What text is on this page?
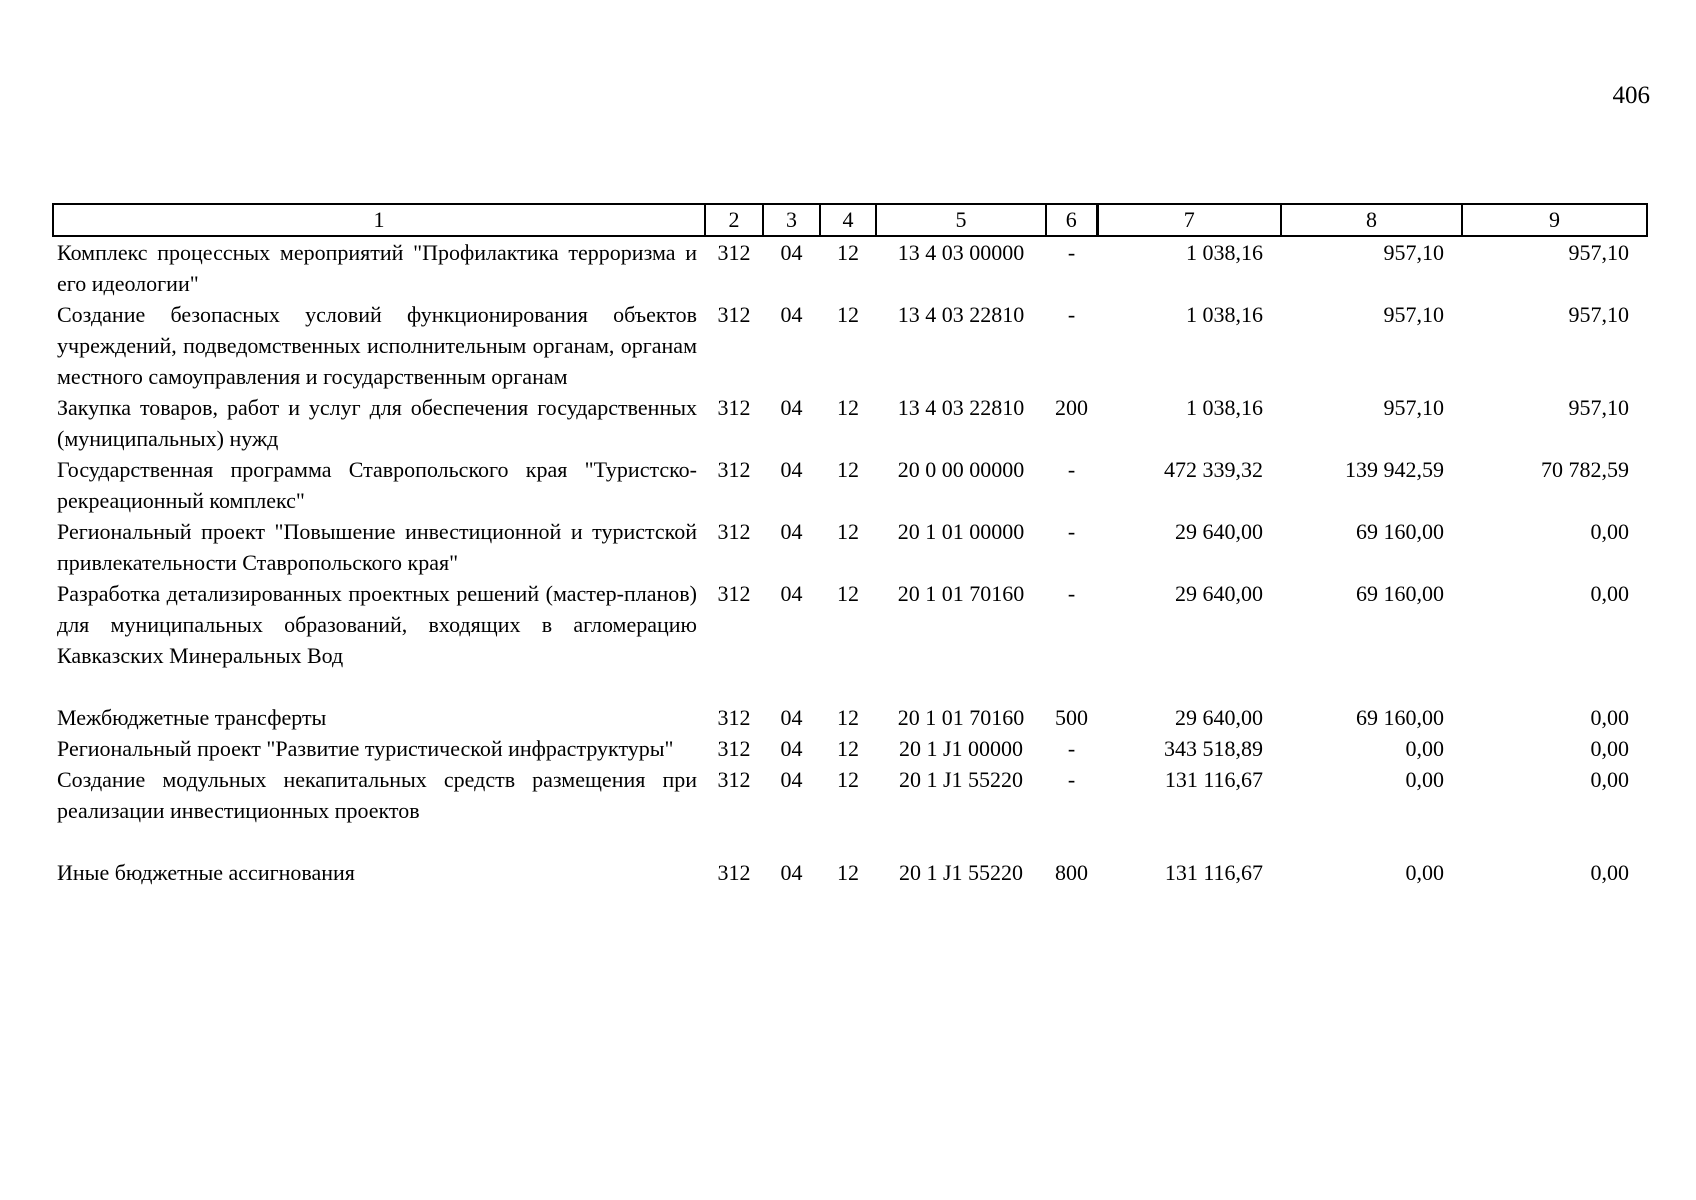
406
1	2	3	4	5	6	7	8	9
Комплекс процессных мероприятий "Профилактика терроризма и его идеологии"	312	04	12	13 4 03 00000	-	1 038,16	957,10	957,10
Создание безопасных условий функционирования объектов учреждений, подведомственных исполнительным органам, органам местного самоуправления и государственным органам	312	04	12	13 4 03 22810	-	1 038,16	957,10	957,10
Закупка товаров, работ и услуг для обеспечения государственных (муниципальных) нужд	312	04	12	13 4 03 22810	200	1 038,16	957,10	957,10
Государственная программа Ставропольского края "Туристско-рекреационный комплекс"	312	04	12	20 0 00 00000	-	472 339,32	139 942,59	70 782,59
Региональный проект "Повышение инвестиционной и туристской привлекательности Ставропольского края"	312	04	12	20 1 01 00000	-	29 640,00	69 160,00	0,00
Разработка детализированных проектных решений (мастер-планов) для муниципальных образований, входящих в агломерацию Кавказских Минеральных Вод	312	04	12	20 1 01 70160	-	29 640,00	69 160,00	0,00
Межбюджетные трансферты	312	04	12	20 1 01 70160	500	29 640,00	69 160,00	0,00
Региональный проект "Развитие туристической инфраструктуры"	312	04	12	20 1 J1 00000	-	343 518,89	0,00	0,00
Создание модульных некапитальных средств размещения при реализации инвестиционных проектов	312	04	12	20 1 J1 55220	-	131 116,67	0,00	0,00
Иные бюджетные ассигнования	312	04	12	20 1 J1 55220	800	131 116,67	0,00	0,00
